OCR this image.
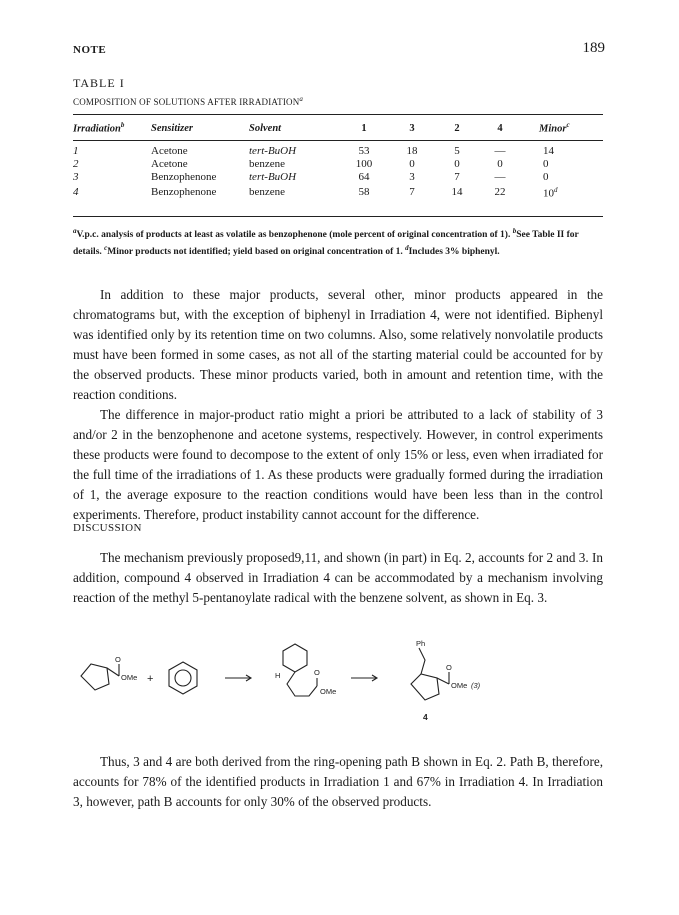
NOTE	189
TABLE I
COMPOSITION OF SOLUTIONS AFTER IRRADIATION$^a$
Irradiation$^b$	Sensitizer	Solvent	1	3	2	4	Minor$^c$
1	Acetone	tert-BuOH	53	18	5	—	14
2	Acetone	benzene	100	0	0	0	0
3	Benzophenone	tert-BuOH	64	3	7	—	0
4	Benzophenone	benzene	58	7	14	22	10$^d$
$^a$V.p.c. analysis of products at least as volatile as benzophenone (mole percent of original concentration of 1). $^b$See Table II for details. $^c$Minor products not identified; yield based on original concentration of 1. $^d$Includes 3% biphenyl.

In addition to these major products, several other, minor products appeared in the chromatograms but, with the exception of biphenyl in Irradiation 4, were not identified. Biphenyl was identified only by its retention time on two columns. Also, some relatively nonvolatile products must have been formed in some cases, as not all of the starting material could be accounted for by the observed products. These minor products varied, both in amount and retention time, with the reaction conditions.

The difference in major-product ratio might a priori be attributed to a lack of stability of 3 and/or 2 in the benzophenone and acetone systems, respectively. However, in control experiments these products were found to decompose to the extent of only 15% or less, even when irradiated for the full time of the irradiations of 1. As these products were gradually formed during the irradiation of 1, the average exposure to the reaction conditions would have been less than in the control experiments. Therefore, product instability cannot account for the difference.

DISCUSSION

The mechanism previously proposed9,11, and shown (in part) in Eq. 2, accounts for 2 and 3. In addition, compound 4 observed in Irradiation 4 can be accommodated by a mechanism involving reaction of the methyl 5-pentanoylate radical with the benzene solvent, as shown in Eq. 3.

O
OMe +	H	O
OMe
Ph
O
OMe (3)
4

Thus, 3 and 4 are both derived from the ring-opening path B shown in Eq. 2. Path B, therefore, accounts for 78% of the identified products in Irradiation 1 and 67% in Irradiation 4. In Irradiation 3, however, path B accounts for only 30% of the observed products.
